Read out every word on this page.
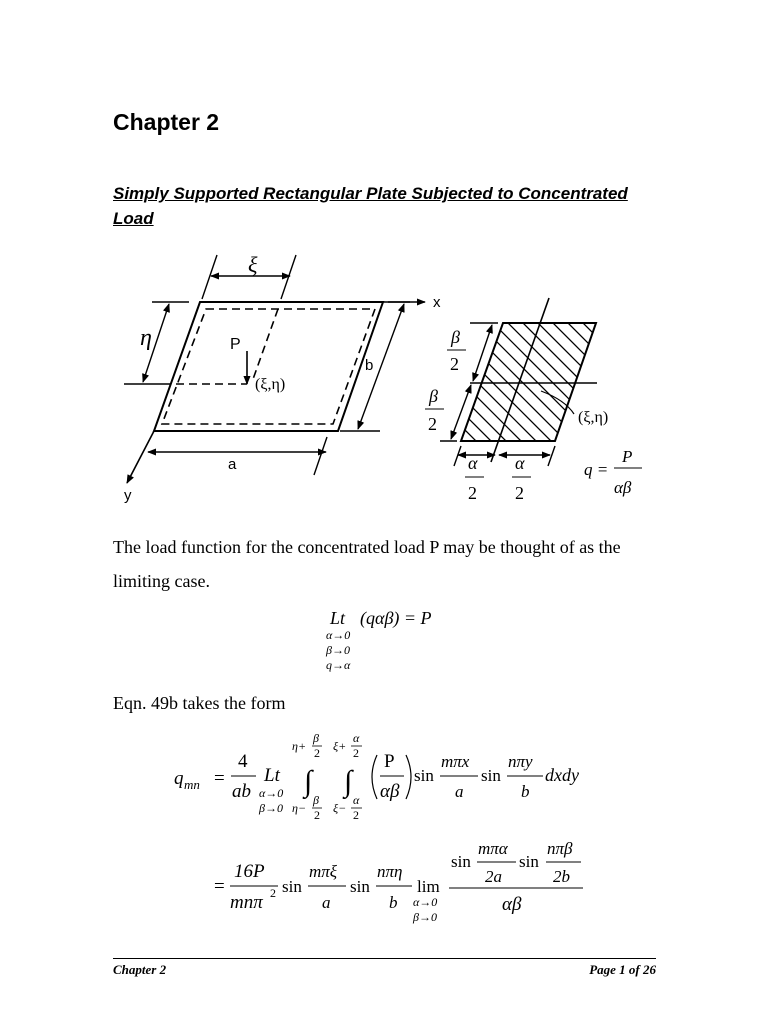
Chapter 2
Simply Supported Rectangular Plate Subjected to Concentrated Load
ξ
η
x
y
P
(ξ,η)
a
b
β
2
β
2
α
2
α
2
(ξ,η)
q =
P
αβ
Lt (qαβ) = P
α→0
β→0
q→α
q mn =
4
ab
Lt
α→0
β→0
η+
β
2
∫
η−
β
2
ξ+
α
2
∫
ξ−
α
2
P
αβ
sin
mπx
a
sin
nπy
b
dxdy
=
16P
mnπ 2 sin
mπξ
a
sin
nπη
b
lim
α→0
β→0
sin
mπα
2a
sin
nπβ
2b
αβ

The load function for the concentrated load P may be thought of as the limiting case.

Eqn. 49b takes the form

Chapter 2	Page 1 of 26
